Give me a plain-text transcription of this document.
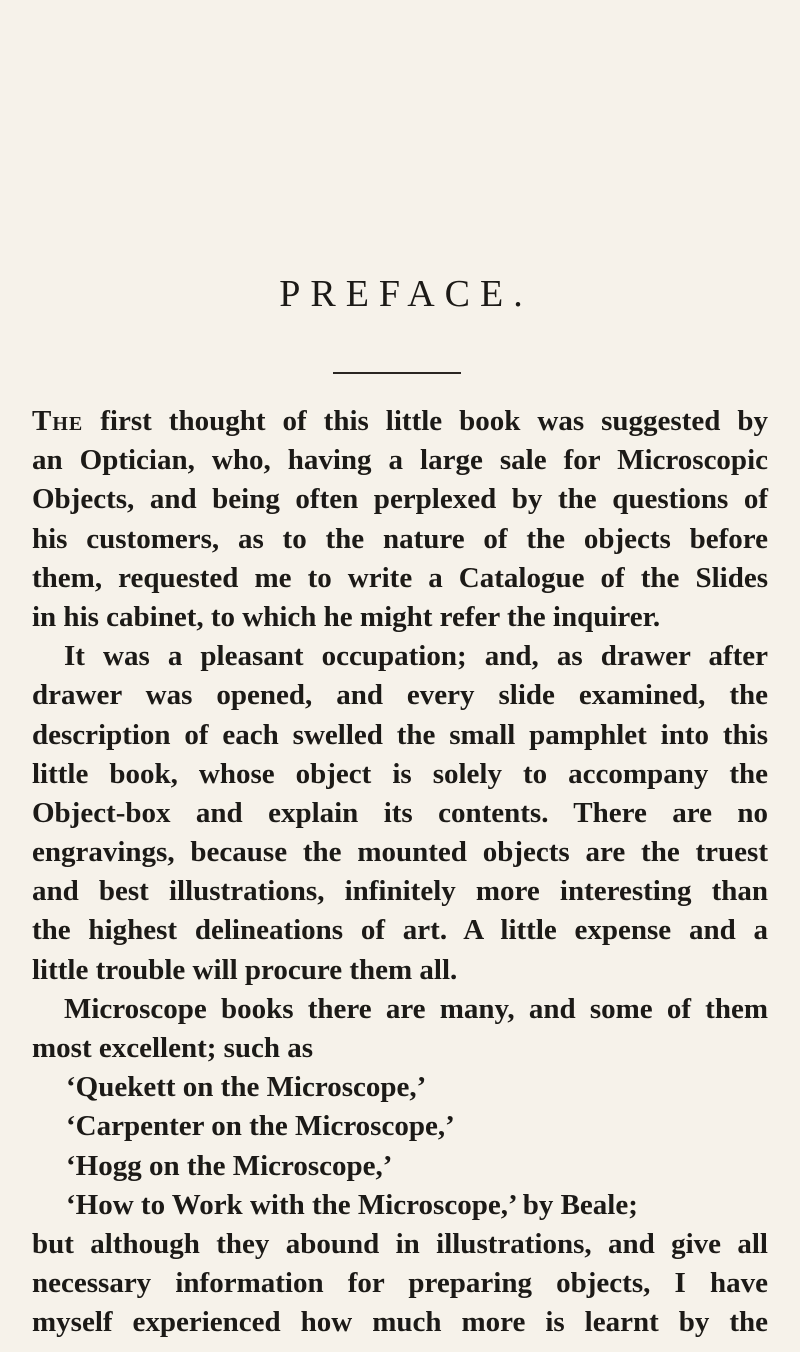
PREFACE.
The first thought of this little book was suggested by
an Optician, who, having a large sale for Microscopic
Objects, and being often perplexed by the questions of
his customers, as to the nature of the objects before
them, requested me to write a Catalogue of the Slides
in his cabinet, to which he might refer the inquirer.
It was a pleasant occupation; and, as drawer after
drawer was opened, and every slide examined, the
description of each swelled the small pamphlet into this
little book, whose object is solely to accompany the
Object-box and explain its contents. There are no
engravings, because the mounted objects are the truest
and best illustrations, infinitely more interesting than
the highest delineations of art. A little expense and a
little trouble will procure them all.
Microscope books there are many, and some of them
most excellent; such as
‘Quekett on the Microscope,’
‘Carpenter on the Microscope,’
‘Hogg on the Microscope,’
‘How to Work with the Microscope,’ by Beale;
but although they abound in illustrations, and give all
necessary information for preparing objects, I have
myself experienced how much more is learnt by the
